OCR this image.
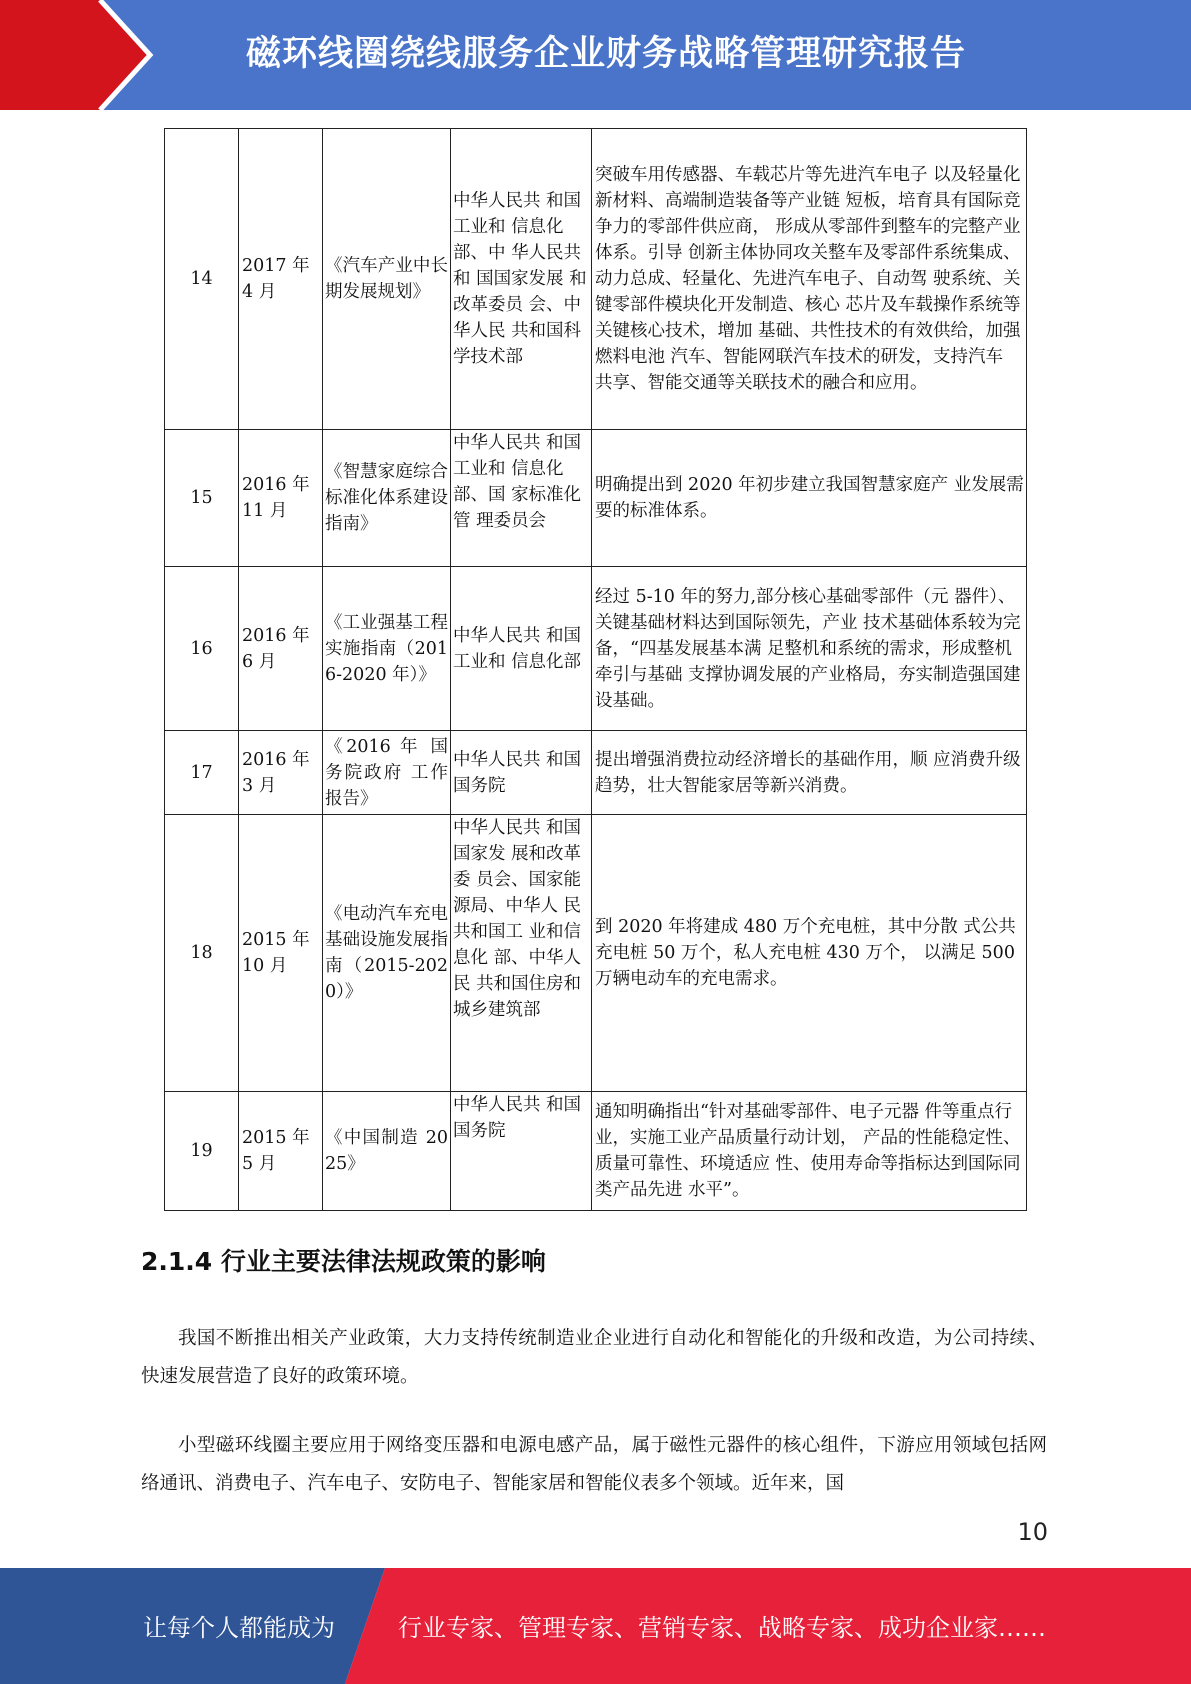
磁环线圈绕线服务企业财务战略管理研究报告
14	2017 年 4 月	《汽车产业中长期发展规划》	中华人民共 和国工业和 信息化部、中 华人民共和 国国家发展 和改革委员 会、中华人民 共和国科学技术部	突破车用传感器、车载芯片等先进汽车电子 以及轻量化新材料、高端制造装备等产业链 短板，培育具有国际竞争力的零部件供应商， 形成从零部件到整车的完整产业体系。引导 创新主体协同攻关整车及零部件系统集成、 动力总成、轻量化、先进汽车电子、自动驾 驶系统、关键零部件模块化开发制造、核心 芯片及车载操作系统等关键核心技术，增加 基础、共性技术的有效供给，加强燃料电池 汽车、智能网联汽车技术的研发，支持汽车 共享、智能交通等关联技术的融合和应用。
15	2016 年 11 月	《智慧家庭综合标准化体系建设指南》	中华人民共 和国工业和 信息化部、国 家标准化管 理委员会	明确提出到 2020 年初步建立我国智慧家庭产 业发展需要的标准体系。
16	2016 年 6 月	《工业强基工程实施指南（2016-2020 年）》	中华人民共 和国工业和 信息化部	经过 5-10 年的努力,部分核心基础零部件（元 器件）、关键基础材料达到国际领先，产业 技术基础体系较为完备，“四基发展基本满 足整机和系统的需求，形成整机牵引与基础 支撑协调发展的产业格局，夯实制造强国建 设基础。
17	2016 年 3 月	《2016 年 国务院政府 工作报告》	中华人民共 和国国务院	提出增强消费拉动经济增长的基础作用，顺 应消费升级趋势，壮大智能家居等新兴消费。
18	2015 年 10 月	《电动汽车充电基础设施发展指南（2015-2020）》	中华人民共 和国国家发 展和改革委 员会、国家能 源局、中华人 民共和国工 业和信息化 部、中华人民 共和国住房和城乡建筑部	到 2020 年将建成 480 万个充电桩，其中分散 式公共充电桩 50 万个，私人充电桩 430 万个， 以满足 500 万辆电动车的充电需求。
19	2015 年 5 月	《中国制造 2025》	中华人民共 和国国务院	通知明确指出“针对基础零部件、电子元器 件等重点行业，实施工业产品质量行动计划， 产品的性能稳定性、质量可靠性、环境适应 性、使用寿命等指标达到国际同类产品先进 水平”。
2.1.4 行业主要法律法规政策的影响

我国不断推出相关产业政策，大力支持传统制造业企业进行自动化和智能化的升级和改造，为公司持续、快速发展营造了良好的政策环境。

小型磁环线圈主要应用于网络变压器和电源电感产品，属于磁性元器件的核心组件，下游应用领域包括网络通讯、消费电子、汽车电子、安防电子、智能家居和智能仪表多个领域。近年来，国

10
让每个人都能成为	行业专家、管理专家、营销专家、战略专家、成功企业家……
